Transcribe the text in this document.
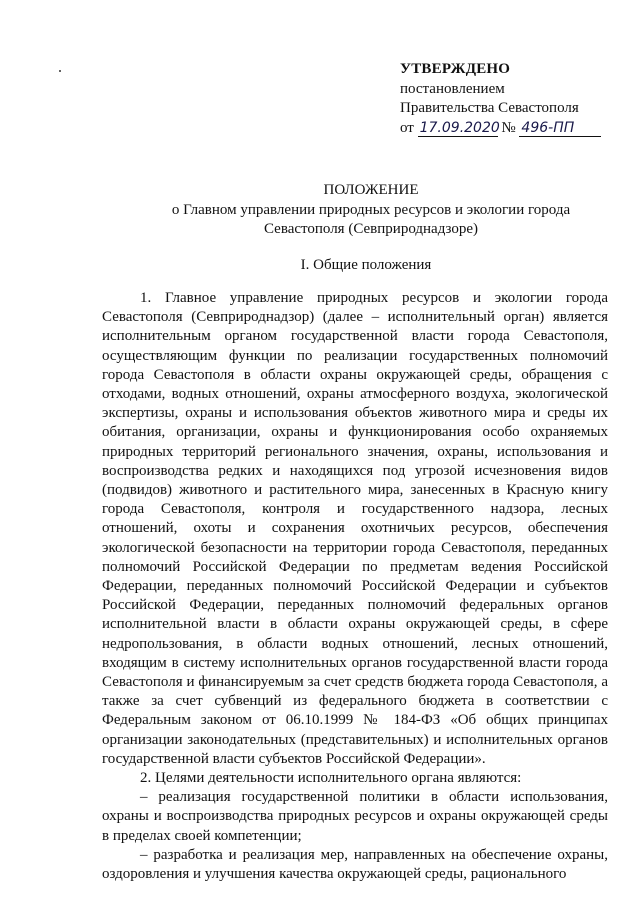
УТВЕРЖДЕНО
постановлением
Правительства Севастополя
от 17.09.2020 № 496-ПП
ПОЛОЖЕНИЕ
о Главном управлении природных ресурсов и экологии города
Севастополя (Севприроднадзоре)
I. Общие положения

1. Главное управление природных ресурсов и экологии города Севастополя (Севприроднадзор) (далее – исполнительный орган) является исполнительным органом государственной власти города Севастополя, осуществляющим функции по реализации государственных полномочий города Севастополя в области охраны окружающей среды, обращения с отходами, водных отношений, охраны атмосферного воздуха, экологической экспертизы, охраны и использования объектов животного мира и среды их обитания, организации, охраны и функционирования особо охраняемых природных территорий регионального значения, охраны, использования и воспроизводства редких и находящихся под угрозой исчезновения видов (подвидов) животного и растительного мира, занесенных в Красную книгу города Севастополя, контроля и государственного надзора, лесных отношений, охоты и сохранения охотничьих ресурсов, обеспечения экологической безопасности на территории города Севастополя, переданных полномочий Российской Федерации по предметам ведения Российской Федерации, переданных полномочий Российской Федерации и субъектов Российской Федерации, переданных полномочий федеральных органов исполнительной власти в области охраны окружающей среды, в сфере недропользования, в области водных отношений, лесных отношений, входящим в систему исполнительных органов государственной власти города Севастополя и финансируемым за счет средств бюджета города Севастополя, а также за счет субвенций из федерального бюджета в соответствии с Федеральным законом от 06.10.1999 № 184-ФЗ «Об общих принципах организации законодательных (представительных) и исполнительных органов государственной власти субъектов Российской Федерации».

2. Целями деятельности исполнительного органа являются:

– реализация государственной политики в области использования, охраны и воспроизводства природных ресурсов и охраны окружающей среды в пределах своей компетенции;

– разработка и реализация мер, направленных на обеспечение охраны, оздоровления и улучшения качества окружающей среды, рационального
